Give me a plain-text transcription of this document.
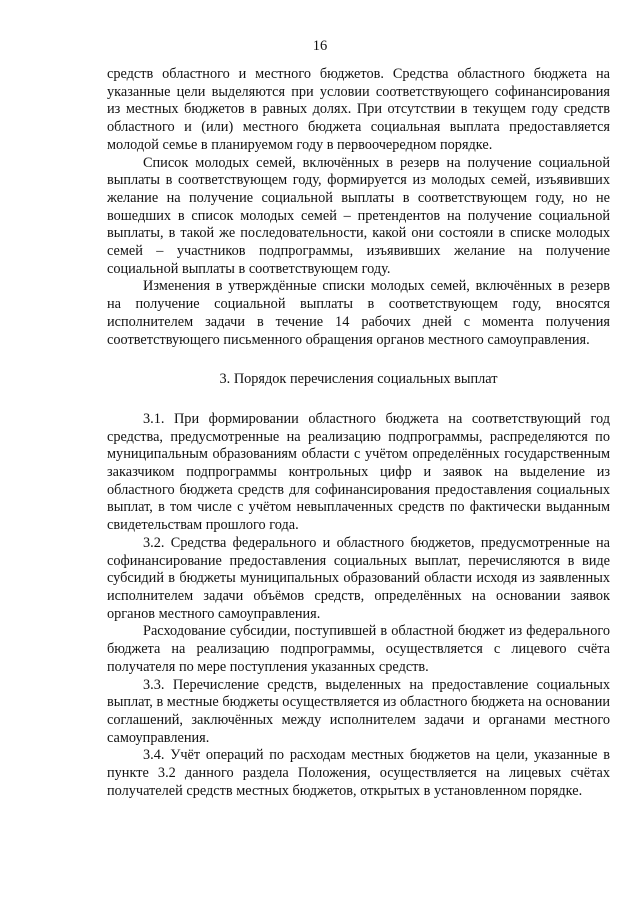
16

средств областного и местного бюджетов. Средства областного бюджета на указанные цели выделяются при условии соответствующего софинансирования из местных бюджетов в равных долях. При отсутствии в текущем году средств областного и (или) местного бюджета социальная выплата предоставляется молодой семье в планируемом году в первоочередном порядке.

Список молодых семей, включённых в резерв на получение социальной выплаты в соответствующем году, формируется из молодых семей, изъявивших желание на получение социальной выплаты в соответствующем году, но не вошедших в список молодых семей – претендентов на получение социальной выплаты, в такой же последовательности, какой они состояли в списке молодых семей – участников подпрограммы, изъявивших желание на получение социальной выплаты в соответствующем году.

Изменения в утверждённые списки молодых семей, включённых в резерв на получение социальной выплаты в соответствующем году, вносятся исполнителем задачи в течение 14 рабочих дней с момента получения соответствующего письменного обращения органов местного самоуправления.

3. Порядок перечисления социальных выплат

3.1. При формировании областного бюджета на соответствующий год средства, предусмотренные на реализацию подпрограммы, распределяются по муниципальным образованиям области с учётом определённых государственным заказчиком подпрограммы контрольных цифр и заявок на выделение из областного бюджета средств для софинансирования предоставления социальных выплат, в том числе с учётом невыплаченных средств по фактически выданным свидетельствам прошлого года.

3.2. Средства федерального и областного бюджетов, предусмотренные на софинансирование предоставления социальных выплат, перечисляются в виде субсидий в бюджеты муниципальных образований области исходя из заявленных исполнителем задачи объёмов средств, определённых на основании заявок органов местного самоуправления.

Расходование субсидии, поступившей в областной бюджет из федерального бюджета на реализацию подпрограммы, осуществляется с лицевого счёта получателя по мере поступления указанных средств.

3.3. Перечисление средств, выделенных на предоставление социальных выплат, в местные бюджеты осуществляется из областного бюджета на основании соглашений, заключённых между исполнителем задачи и органами местного самоуправления.

3.4. Учёт операций по расходам местных бюджетов на цели, указанные в пункте 3.2 данного раздела Положения, осуществляется на лицевых счётах получателей средств местных бюджетов, открытых в установленном порядке.
